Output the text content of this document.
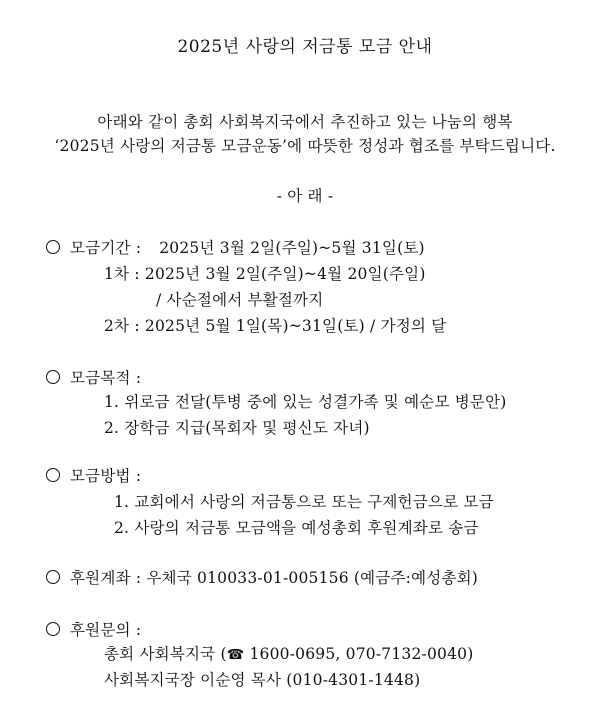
2025년 사랑의 저금통 모금 안내
아래와 같이 총회 사회복지국에서 추진하고 있는 나눔의 행복
‘2025년 사랑의 저금통 모금운동’에 따뜻한 정성과 협조를 부탁드립니다.
- 아 래 -
모금기간 : 2025년 3월 2일(주일)~5월 31일(토)
1차 : 2025년 3월 2일(주일)~4월 20일(주일)
/ 사순절에서 부활절까지
2차 : 2025년 5월 1일(목)~31일(토) / 가정의 달
모금목적 :
1. 위로금 전달(투병 중에 있는 성결가족 및 예순모 병문안)
2. 장학금 지급(목회자 및 평신도 자녀)
모금방법 :
1. 교회에서 사랑의 저금통으로 또는 구제헌금으로 모금
2. 사랑의 저금통 모금액을 예성총회 후원계좌로 송금
후원계좌 : 우체국 010033-01-005156 (예금주:예성총회)
후원문의 :
총회 사회복지국 (☎ 1600-0695, 070-7132-0040)
사회복지국장 이순영 목사 (010-4301-1448)
